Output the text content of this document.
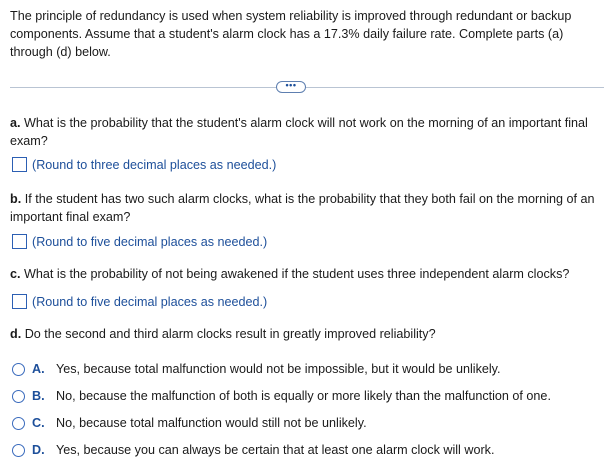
The principle of redundancy is used when system reliability is improved through redundant or backup components. Assume that a student's alarm clock has a 17.3% daily failure rate. Complete parts (a) through (d) below.
•••
a. What is the probability that the student's alarm clock will not work on the morning of an important final exam?
(Round to three decimal places as needed.)
b. If the student has two such alarm clocks, what is the probability that they both fail on the morning of an important final exam?
(Round to five decimal places as needed.)
c. What is the probability of not being awakened if the student uses three independent alarm clocks?
(Round to five decimal places as needed.)
d. Do the second and third alarm clocks result in greatly improved reliability?
A. Yes, because total malfunction would not be impossible, but it would be unlikely.
B. No, because the malfunction of both is equally or more likely than the malfunction of one.
C. No, because total malfunction would still not be unlikely.
D. Yes, because you can always be certain that at least one alarm clock will work.
